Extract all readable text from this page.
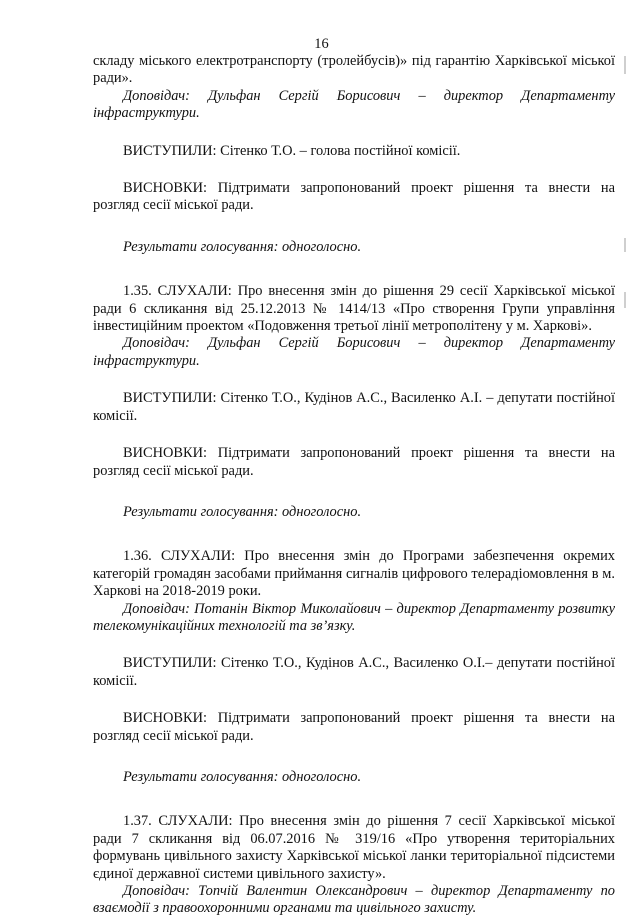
16

складу міського електротранспорту (тролейбусів)» під гарантію Харківської міської ради».

Доповідач: Дульфан Сергій Борисович – директор Департаменту інфраструктури.

ВИСТУПИЛИ: Сітенко Т.О. – голова постійної комісії.

ВИСНОВКИ: Підтримати запропонований проект рішення та внести на розгляд сесії міської ради.

Результати голосування: одноголосно.

1.35. СЛУХАЛИ: Про внесення змін до рішення 29 сесії Харківської міської ради 6 скликання від 25.12.2013 № 1414/13 «Про створення Групи управління інвестиційним проектом «Подовження третьої лінії метрополітену у м. Харкові».

Доповідач: Дульфан Сергій Борисович – директор Департаменту інфраструктури.

ВИСТУПИЛИ: Сітенко Т.О., Кудінов А.С., Василенко А.І. – депутати постійної комісії.

ВИСНОВКИ: Підтримати запропонований проект рішення та внести на розгляд сесії міської ради.

Результати голосування: одноголосно.

1.36. СЛУХАЛИ: Про внесення змін до Програми забезпечення окремих категорій громадян засобами приймання сигналів цифрового телерадіомовлення в м. Харкові на 2018-2019 роки.

Доповідач: Потанін Віктор Миколайович – директор Департаменту розвитку телекомунікаційних технологій та зв’язку.

ВИСТУПИЛИ: Сітенко Т.О., Кудінов А.С., Василенко О.І.– депутати постійної комісії.

ВИСНОВКИ: Підтримати запропонований проект рішення та внести на розгляд сесії міської ради.

Результати голосування: одноголосно.

1.37. СЛУХАЛИ: Про внесення змін до рішення 7 сесії Харківської міської ради 7 скликання від 06.07.2016 № 319/16 «Про утворення територіальних формувань цивільного захисту Харківської міської ланки територіальної підсистеми єдиної державної системи цивільного захисту».

Доповідач: Топчій Валентин Олександрович – директор Департаменту по взаємодії з правоохоронними органами та цивільного захисту.
